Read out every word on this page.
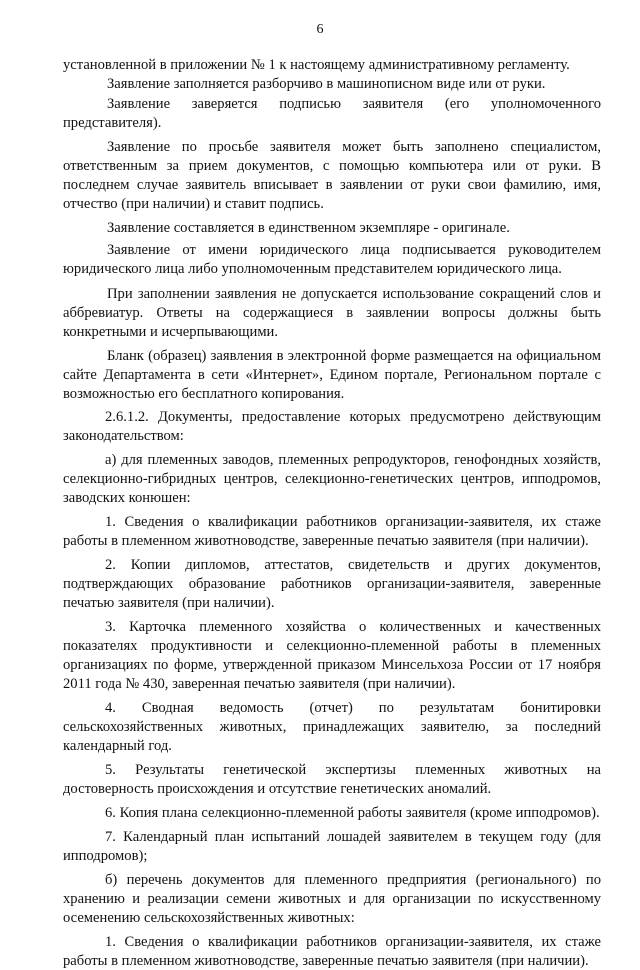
6

установленной в приложении № 1 к настоящему административному регламенту.

Заявление заполняется разборчиво в машинописном виде или от руки.

Заявление заверяется подписью заявителя (его уполномоченного представителя).

Заявление по просьбе заявителя может быть заполнено специалистом, ответственным за прием документов, с помощью компьютера или от руки. В последнем случае заявитель вписывает в заявлении от руки свои фамилию, имя, отчество (при наличии) и ставит подпись.

Заявление составляется в единственном экземпляре - оригинале.

Заявление от имени юридического лица подписывается руководителем юридического лица либо уполномоченным представителем юридического лица.

При заполнении заявления не допускается использование сокращений слов и аббревиатур. Ответы на содержащиеся в заявлении вопросы должны быть конкретными и исчерпывающими.

Бланк (образец) заявления в электронной форме размещается на официальном сайте Департамента в сети «Интернет», Едином портале, Региональном портале с возможностью его бесплатного копирования.

2.6.1.2. Документы, предоставление которых предусмотрено действующим законодательством:

а) для племенных заводов, племенных репродукторов, генофондных хозяйств, селекционно-гибридных центров, селекционно-генетических центров, ипподромов, заводских конюшен:

1. Сведения о квалификации работников организации-заявителя, их стаже работы в племенном животноводстве, заверенные печатью заявителя (при наличии).

2. Копии дипломов, аттестатов, свидетельств и других документов, подтверждающих образование работников организации-заявителя, заверенные печатью заявителя (при наличии).

3. Карточка племенного хозяйства о количественных и качественных показателях продуктивности и селекционно-племенной работы в племенных организациях по форме, утвержденной приказом Минсельхоза России от 17 ноября 2011 года № 430, заверенная печатью заявителя (при наличии).

4. Сводная ведомость (отчет) по результатам бонитировки сельскохозяйственных животных, принадлежащих заявителю, за последний календарный год.

5. Результаты генетической экспертизы племенных животных на достоверность происхождения и отсутствие генетических аномалий.

6. Копия плана селекционно-племенной работы заявителя (кроме ипподромов).

7. Календарный план испытаний лошадей заявителем в текущем году (для ипподромов);

б) перечень документов для племенного предприятия (регионального) по хранению и реализации семени животных и для организации по искусственному осеменению сельскохозяйственных животных:

1. Сведения о квалификации работников организации-заявителя, их стаже работы в племенном животноводстве, заверенные печатью заявителя (при наличии).
